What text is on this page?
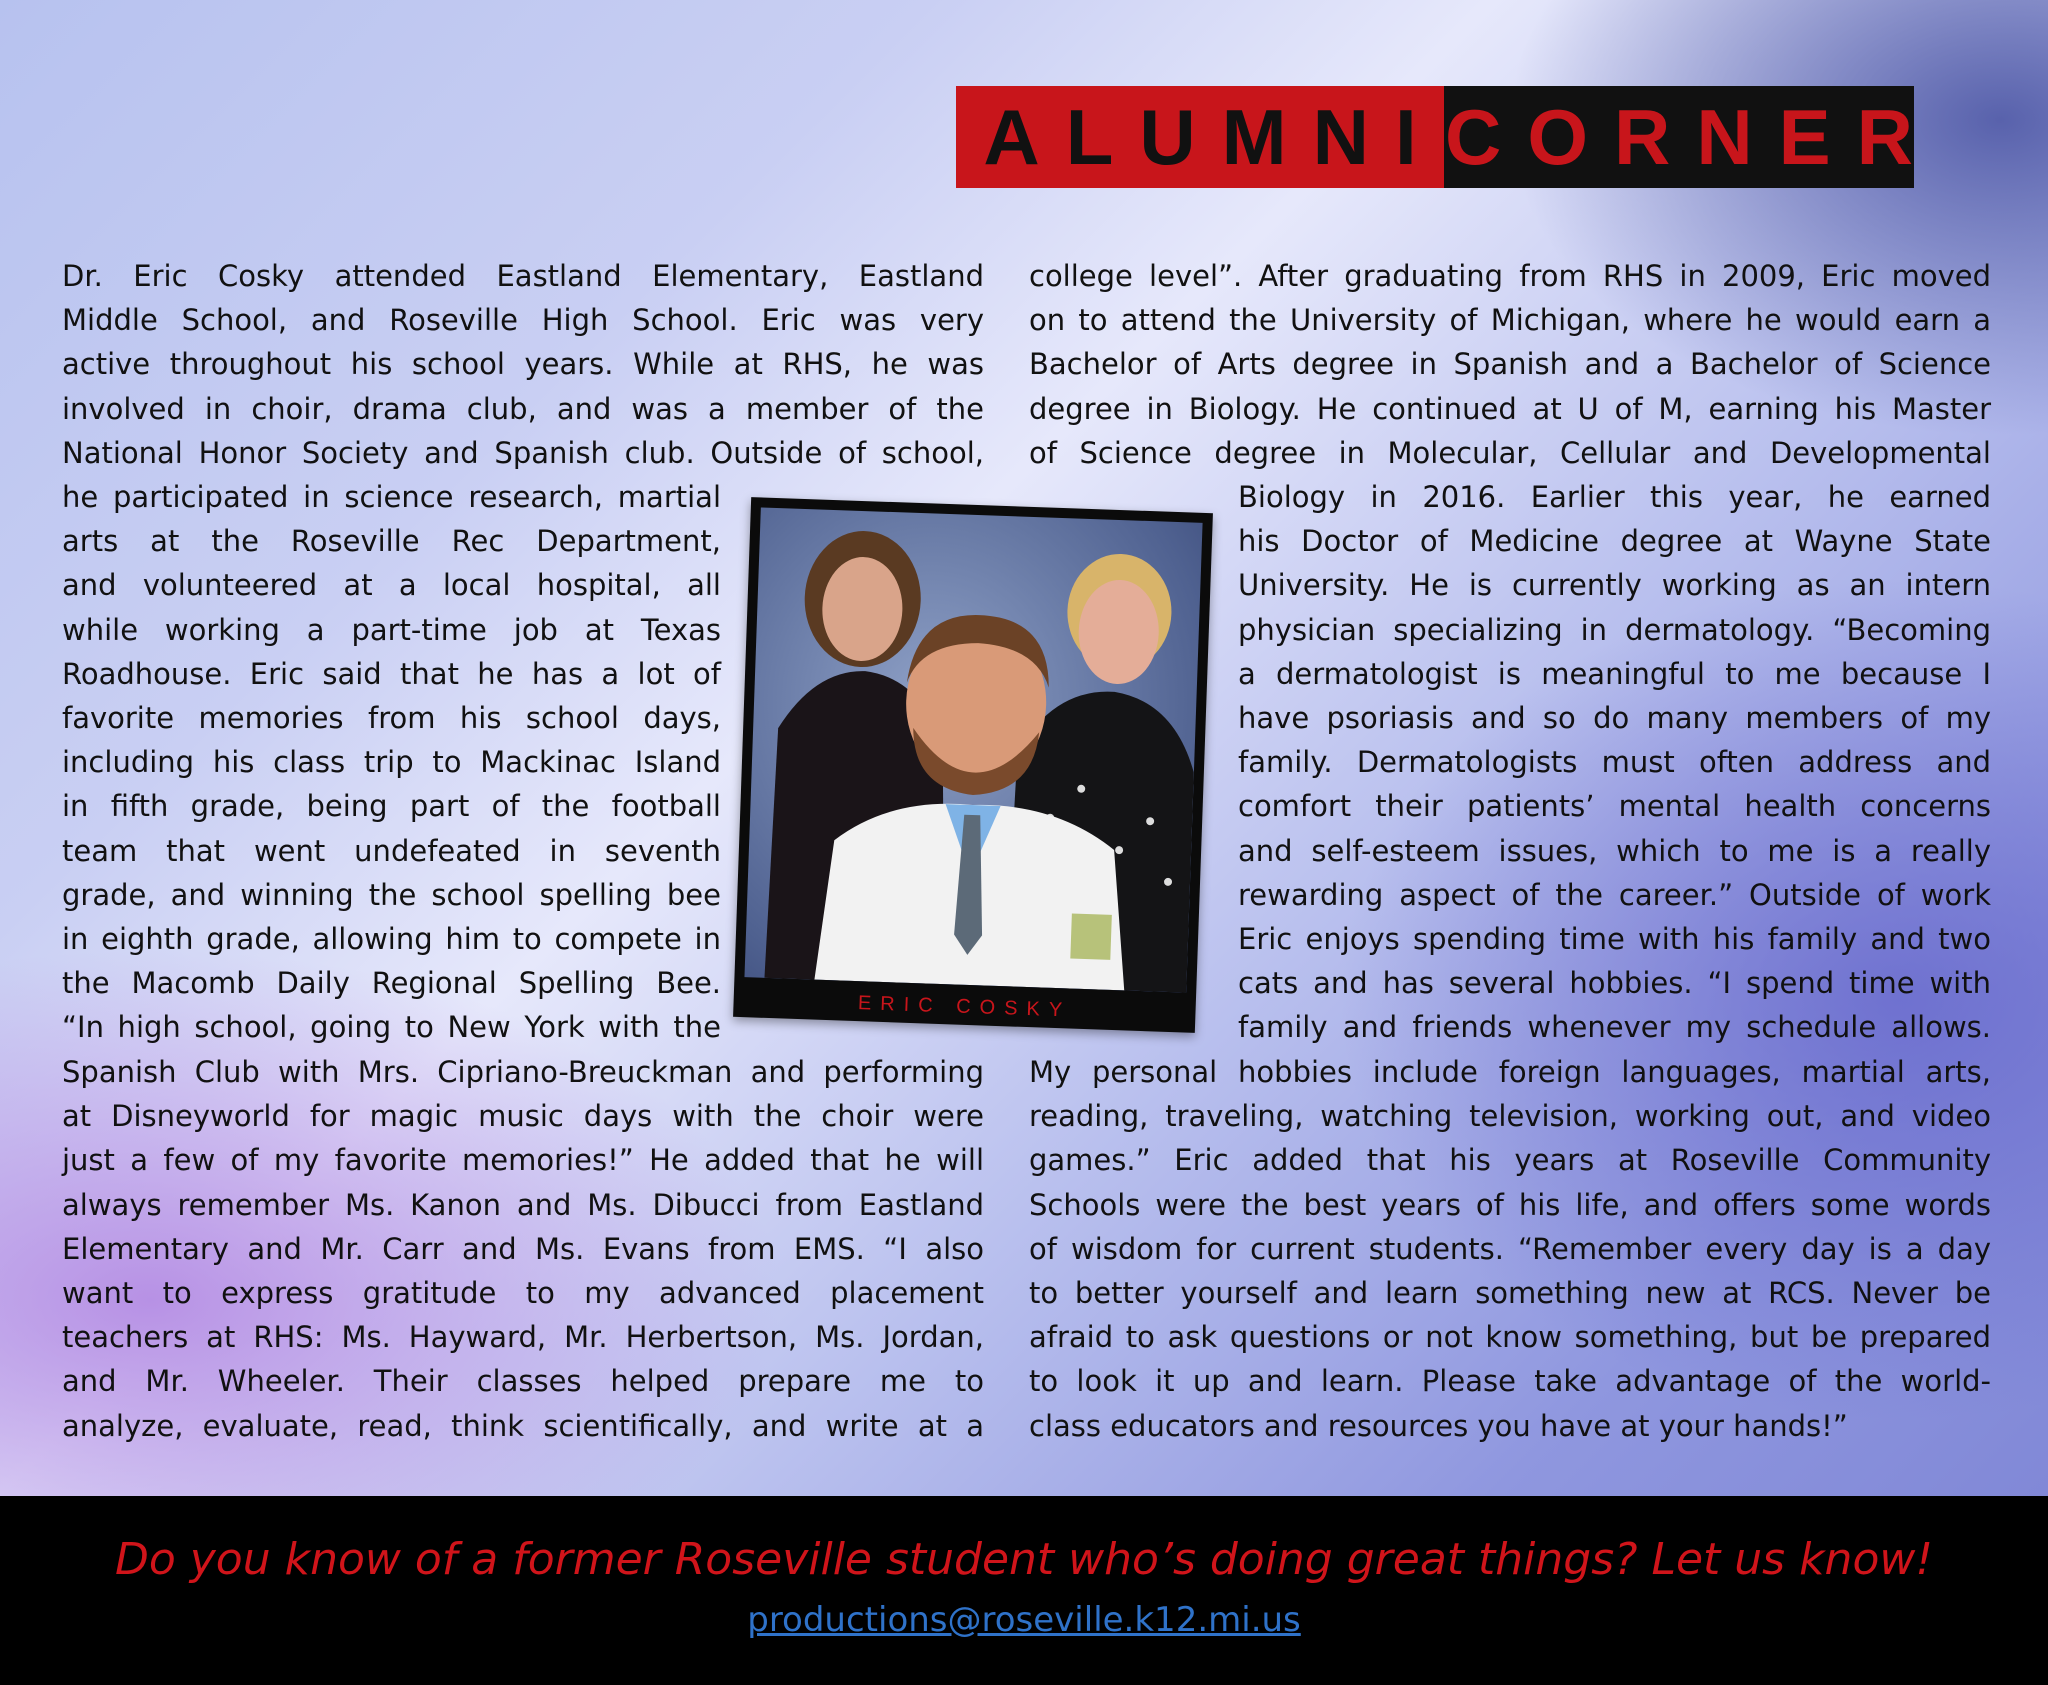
ALUMNI CORNER
Dr. Eric Cosky attended Eastland Elementary, Eastland
Middle School, and Roseville High School. Eric was very
active throughout his school years. While at RHS, he was
involved in choir, drama club, and was a member of the
National Honor Society and Spanish club. Outside of school,
he participated in science research, martial
arts at the Roseville Rec Department,
and volunteered at a local hospital, all
while working a part-time job at Texas
Roadhouse. Eric said that he has a lot of
favorite memories from his school days,
including his class trip to Mackinac Island
in fifth grade, being part of the football
team that went undefeated in seventh
grade, and winning the school spelling bee
in eighth grade, allowing him to compete in
the Macomb Daily Regional Spelling Bee.
“In high school, going to New York with the
Spanish Club with Mrs. Cipriano-Breuckman and performing
at Disneyworld for magic music days with the choir were
just a few of my favorite memories!” He added that he will
always remember Ms. Kanon and Ms. Dibucci from Eastland
Elementary and Mr. Carr and Ms. Evans from EMS. “I also
want to express gratitude to my advanced placement
teachers at RHS: Ms. Hayward, Mr. Herbertson, Ms. Jordan,
and Mr. Wheeler. Their classes helped prepare me to
analyze, evaluate, read, think scientifically, and write at a
college level”. After graduating from RHS in 2009, Eric moved
on to attend the University of Michigan, where he would earn a
Bachelor of Arts degree in Spanish and a Bachelor of Science
degree in Biology. He continued at U of M, earning his Master
of Science degree in Molecular, Cellular and Developmental
Biology in 2016. Earlier this year, he earned
his Doctor of Medicine degree at Wayne State
University. He is currently working as an intern
physician specializing in dermatology. “Becoming
a dermatologist is meaningful to me because I
have psoriasis and so do many members of my
family. Dermatologists must often address and
comfort their patients’ mental health concerns
and self-esteem issues, which to me is a really
rewarding aspect of the career.” Outside of work
Eric enjoys spending time with his family and two
cats and has several hobbies. “I spend time with
family and friends whenever my schedule allows.
My personal hobbies include foreign languages, martial arts,
reading, traveling, watching television, working out, and video
games.” Eric added that his years at Roseville Community
Schools were the best years of his life, and offers some words
of wisdom for current students. “Remember every day is a day
to better yourself and learn something new at RCS. Never be
afraid to ask questions or not know something, but be prepared
to look it up and learn. Please take advantage of the world-
class educators and resources you have at your hands!”
ERIC COSKY
Do you know of a former Roseville student who’s doing great things? Let us know!
productions@roseville.k12.mi.us
